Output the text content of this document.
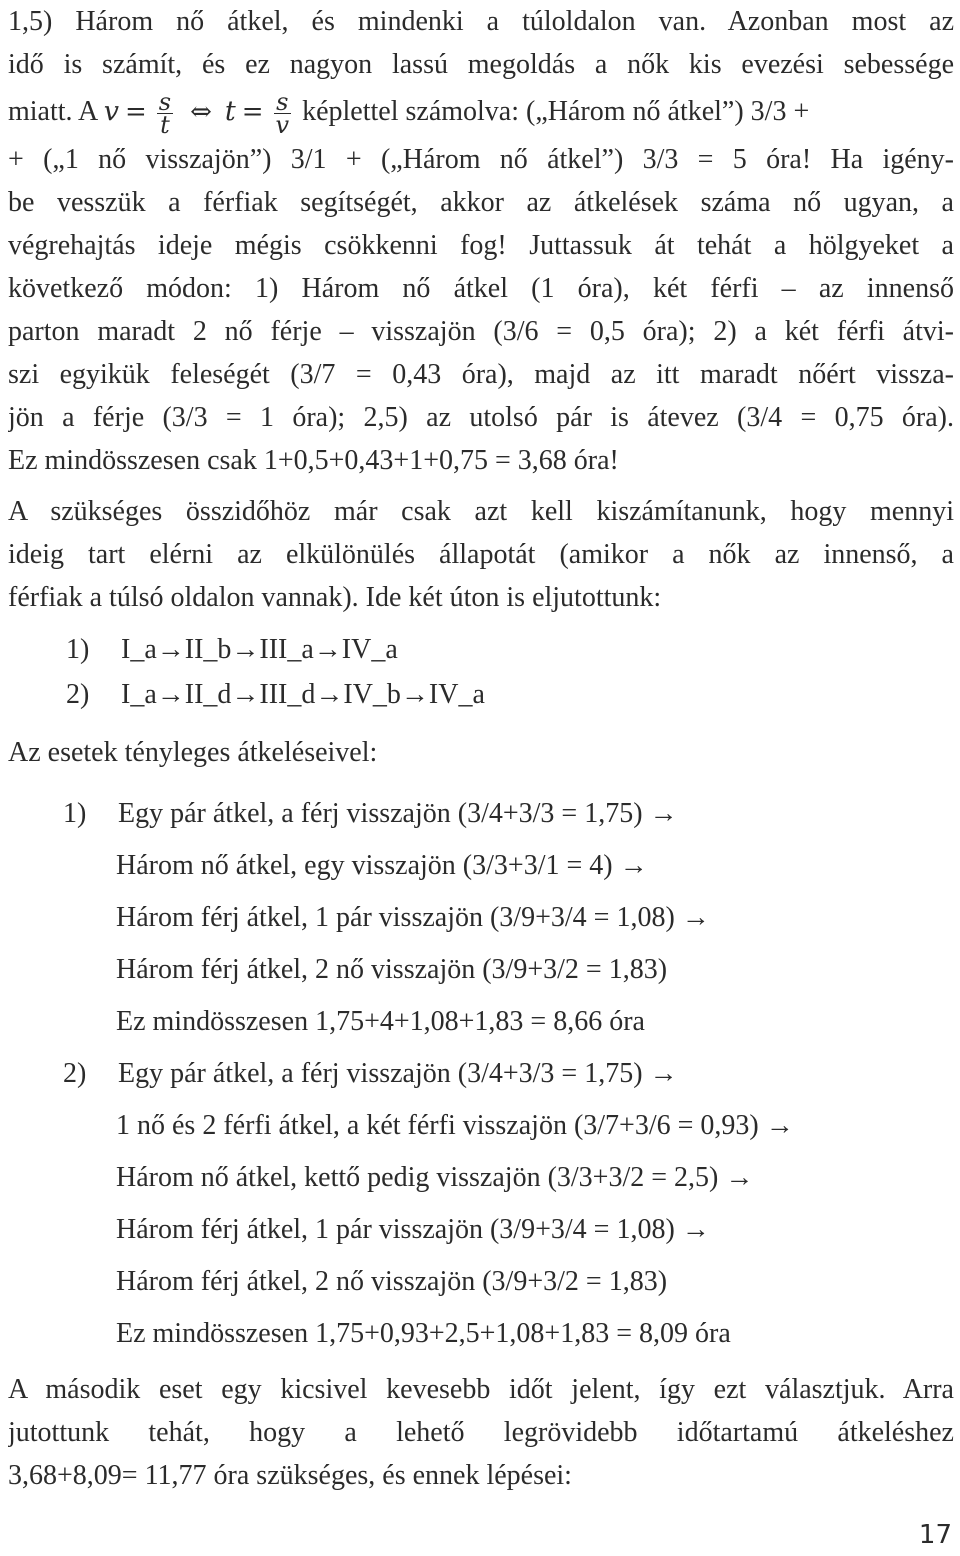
1,5) Három nő átkel, és mindenki a túloldalon van. Azonban most az
idő is számít, és ez nagyon lassú megoldás a nők kis evezési sebessége
miatt. A $v = \frac{s}{t}$ ⇔ $t = \frac{s}{v}$ képlettel számolva: („Három nő átkel”) 3/3 +
+ („1 nő visszajön”) 3/1 + („Három nő átkel”) 3/3 = 5 óra! Ha igény-
be vesszük a férfiak segítségét, akkor az átkelések száma nő ugyan, a
végrehajtás ideje mégis csökkenni fog! Juttassuk át tehát a hölgyeket a
következő módon: 1) Három nő átkel (1 óra), két férfi – az innenső
parton maradt 2 nő férje – visszajön (3/6 = 0,5 óra); 2) a két férfi átvi-
szi egyikük feleségét (3/7 = 0,43 óra), majd az itt maradt nőért vissza-
jön a férje (3/3 = 1 óra); 2,5) az utolsó pár is átevez (3/4 = 0,75 óra).
Ez mindösszesen csak 1+0,5+0,43+1+0,75 = 3,68 óra!
A szükséges összidőhöz már csak azt kell kiszámítanunk, hogy mennyi
ideig tart elérni az elkülönülés állapotát (amikor a nők az innenső, a
férfiak a túlsó oldalon vannak). Ide két úton is eljutottunk:
1) I_a→II_b→III_a→IV_a
2) I_a→II_d→III_d→IV_b→IV_a
Az esetek tényleges átkeléseivel:
1) Egy pár átkel, a férj visszajön (3/4+3/3 = 1,75) →
Három nő átkel, egy visszajön (3/3+3/1 = 4) →
Három férj átkel, 1 pár visszajön (3/9+3/4 = 1,08) →
Három férj átkel, 2 nő visszajön (3/9+3/2 = 1,83)
Ez mindösszesen 1,75+4+1,08+1,83 = 8,66 óra
2) Egy pár átkel, a férj visszajön (3/4+3/3 = 1,75) →
1 nő és 2 férfi átkel, a két férfi visszajön (3/7+3/6 = 0,93) →
Három nő átkel, kettő pedig visszajön (3/3+3/2 = 2,5) →
Három férj átkel, 1 pár visszajön (3/9+3/4 = 1,08) →
Három férj átkel, 2 nő visszajön (3/9+3/2 = 1,83)
Ez mindösszesen 1,75+0,93+2,5+1,08+1,83 = 8,09 óra
A második eset egy kicsivel kevesebb időt jelent, így ezt választjuk. Arra
jutottunk tehát, hogy a lehető legrövidebb időtartamú átkeléshez
3,68+8,09= 11,77 óra szükséges, és ennek lépései:
17
